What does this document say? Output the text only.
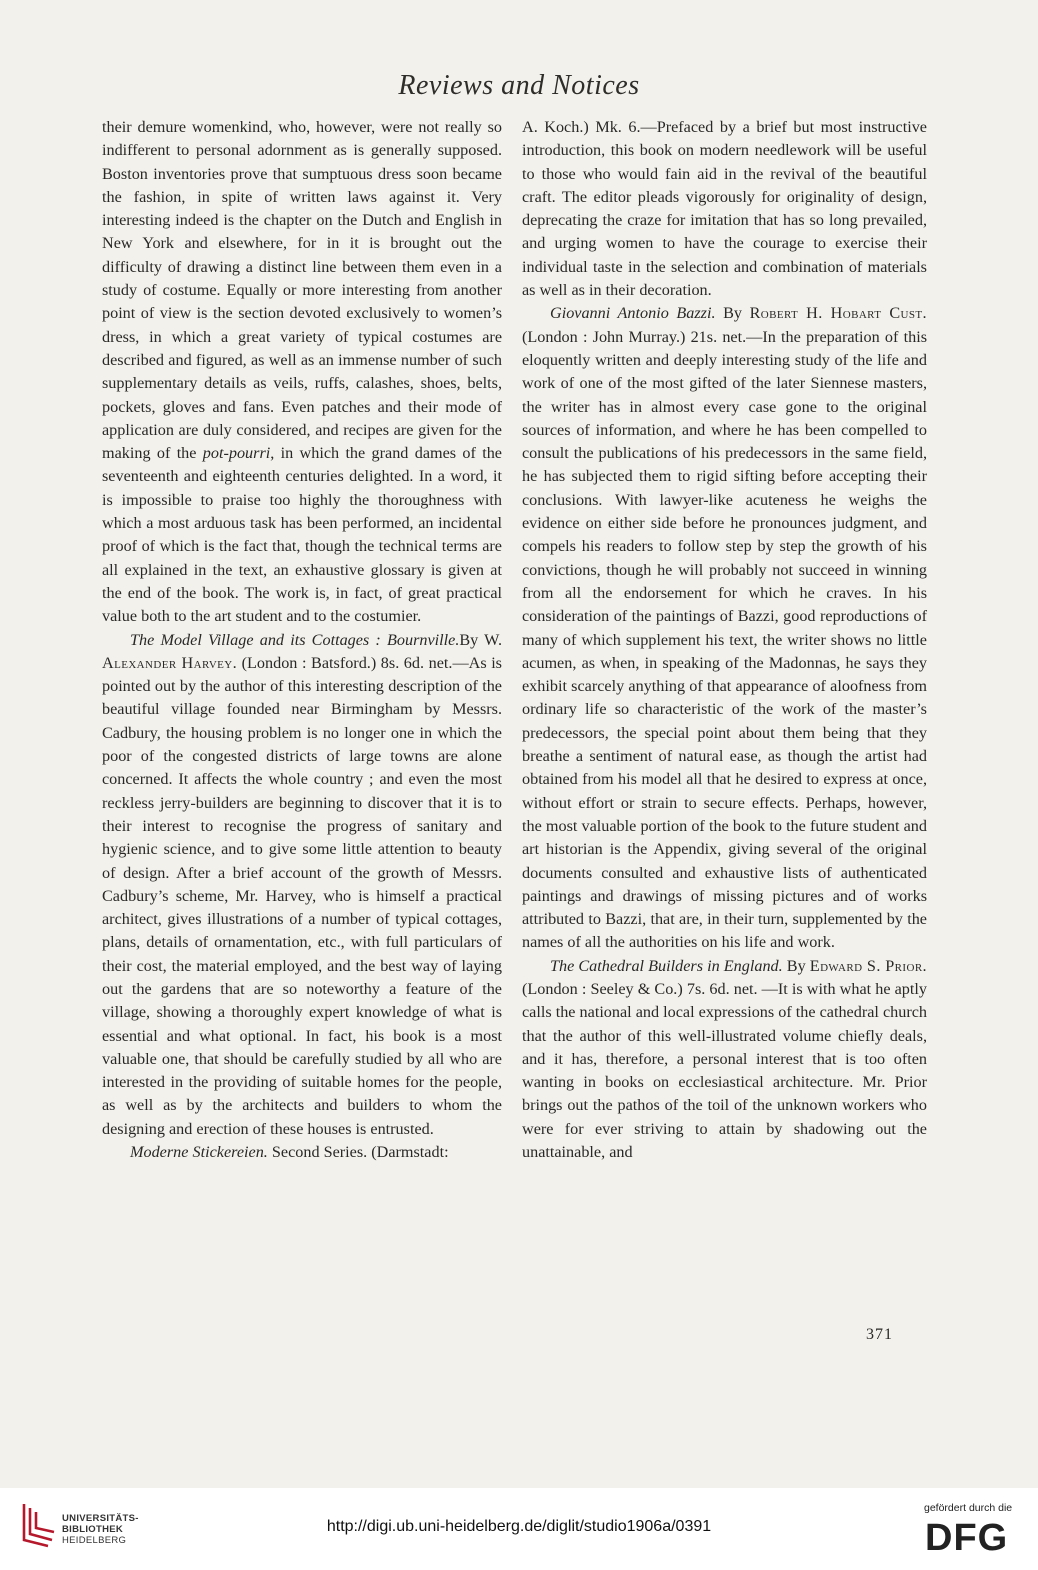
Reviews and Notices

their demure womenkind, who, however, were not really so indifferent to personal adornment as is generally supposed. Boston inventories prove that sumptuous dress soon became the fashion, in spite of written laws against it. Very interesting indeed is the chapter on the Dutch and English in New York and elsewhere, for in it is brought out the difficulty of drawing a distinct line between them even in a study of costume. Equally or more interesting from another point of view is the section devoted exclusively to women’s dress, in which a great variety of typical costumes are described and figured, as well as an immense number of such supplementary details as veils, ruffs, calashes, shoes, belts, pockets, gloves and fans. Even patches and their mode of application are duly considered, and recipes are given for the making of the pot-pourri, in which the grand dames of the seventeenth and eighteenth centuries delighted. In a word, it is impossible to praise too highly the thoroughness with which a most arduous task has been performed, an incidental proof of which is the fact that, though the technical terms are all explained in the text, an exhaustive glossary is given at the end of the book. The work is, in fact, of great practical value both to the art student and to the costumier.

The Model Village and its Cottages : Bournville.By W. Alexander Harvey. (London : Batsford.) 8s. 6d. net.—As is pointed out by the author of this interesting description of the beautiful village founded near Birmingham by Messrs. Cadbury, the housing problem is no longer one in which the poor of the congested districts of large towns are alone concerned. It affects the whole country ; and even the most reckless jerry-builders are beginning to discover that it is to their interest to recognise the progress of sanitary and hygienic science, and to give some little attention to beauty of design. After a brief account of the growth of Messrs. Cadbury’s scheme, Mr. Harvey, who is himself a practical architect, gives illustrations of a number of typical cottages, plans, details of ornamentation, etc., with full particulars of their cost, the material employed, and the best way of laying out the gardens that are so noteworthy a feature of the village, showing a thoroughly expert knowledge of what is essential and what optional. In fact, his book is a most valuable one, that should be carefully studied by all who are interested in the providing of suitable homes for the people, as well as by the architects and builders to whom the designing and erection of these houses is entrusted.

Moderne Stickereien. Second Series. (Darmstadt:

A. Koch.) Mk. 6.—Prefaced by a brief but most instructive introduction, this book on modern needlework will be useful to those who would fain aid in the revival of the beautiful craft. The editor pleads vigorously for originality of design, deprecating the craze for imitation that has so long prevailed, and urging women to have the courage to exercise their individual taste in the selection and combination of materials as well as in their decoration.

Giovanni Antonio Bazzi. By Robert H. Hobart Cust. (London : John Murray.) 21s. net.—In the preparation of this eloquently written and deeply interesting study of the life and work of one of the most gifted of the later Siennese masters, the writer has in almost every case gone to the original sources of information, and where he has been compelled to consult the publications of his predecessors in the same field, he has subjected them to rigid sifting before accepting their conclusions. With lawyer-like acuteness he weighs the evidence on either side before he pronounces judgment, and compels his readers to follow step by step the growth of his convictions, though he will probably not succeed in winning from all the endorsement for which he craves. In his consideration of the paintings of Bazzi, good reproductions of many of which supplement his text, the writer shows no little acumen, as when, in speaking of the Madonnas, he says they exhibit scarcely anything of that appearance of aloofness from ordinary life so characteristic of the work of the master’s predecessors, the special point about them being that they breathe a sentiment of natural ease, as though the artist had obtained from his model all that he desired to express at once, without effort or strain to secure effects. Perhaps, however, the most valuable portion of the book to the future student and art historian is the Appendix, giving several of the original documents consulted and exhaustive lists of authenticated paintings and drawings of missing pictures and of works attributed to Bazzi, that are, in their turn, supplemented by the names of all the authorities on his life and work.

The Cathedral Builders in England. By Edward S. Prior. (London : Seeley & Co.) 7s. 6d. net. —It is with what he aptly calls the national and local expressions of the cathedral church that the author of this well-illustrated volume chiefly deals, and it has, therefore, a personal interest that is too often wanting in books on ecclesiastical architecture. Mr. Prior brings out the pathos of the toil of the unknown workers who were for ever striving to attain by shadowing out the unattainable, and

371
UNIVERSITÄTS-
BIBLIOTHEK
HEIDELBERG
http://digi.ub.uni-heidelberg.de/diglit/studio1906a/0391
gefördert durch die
DFG
